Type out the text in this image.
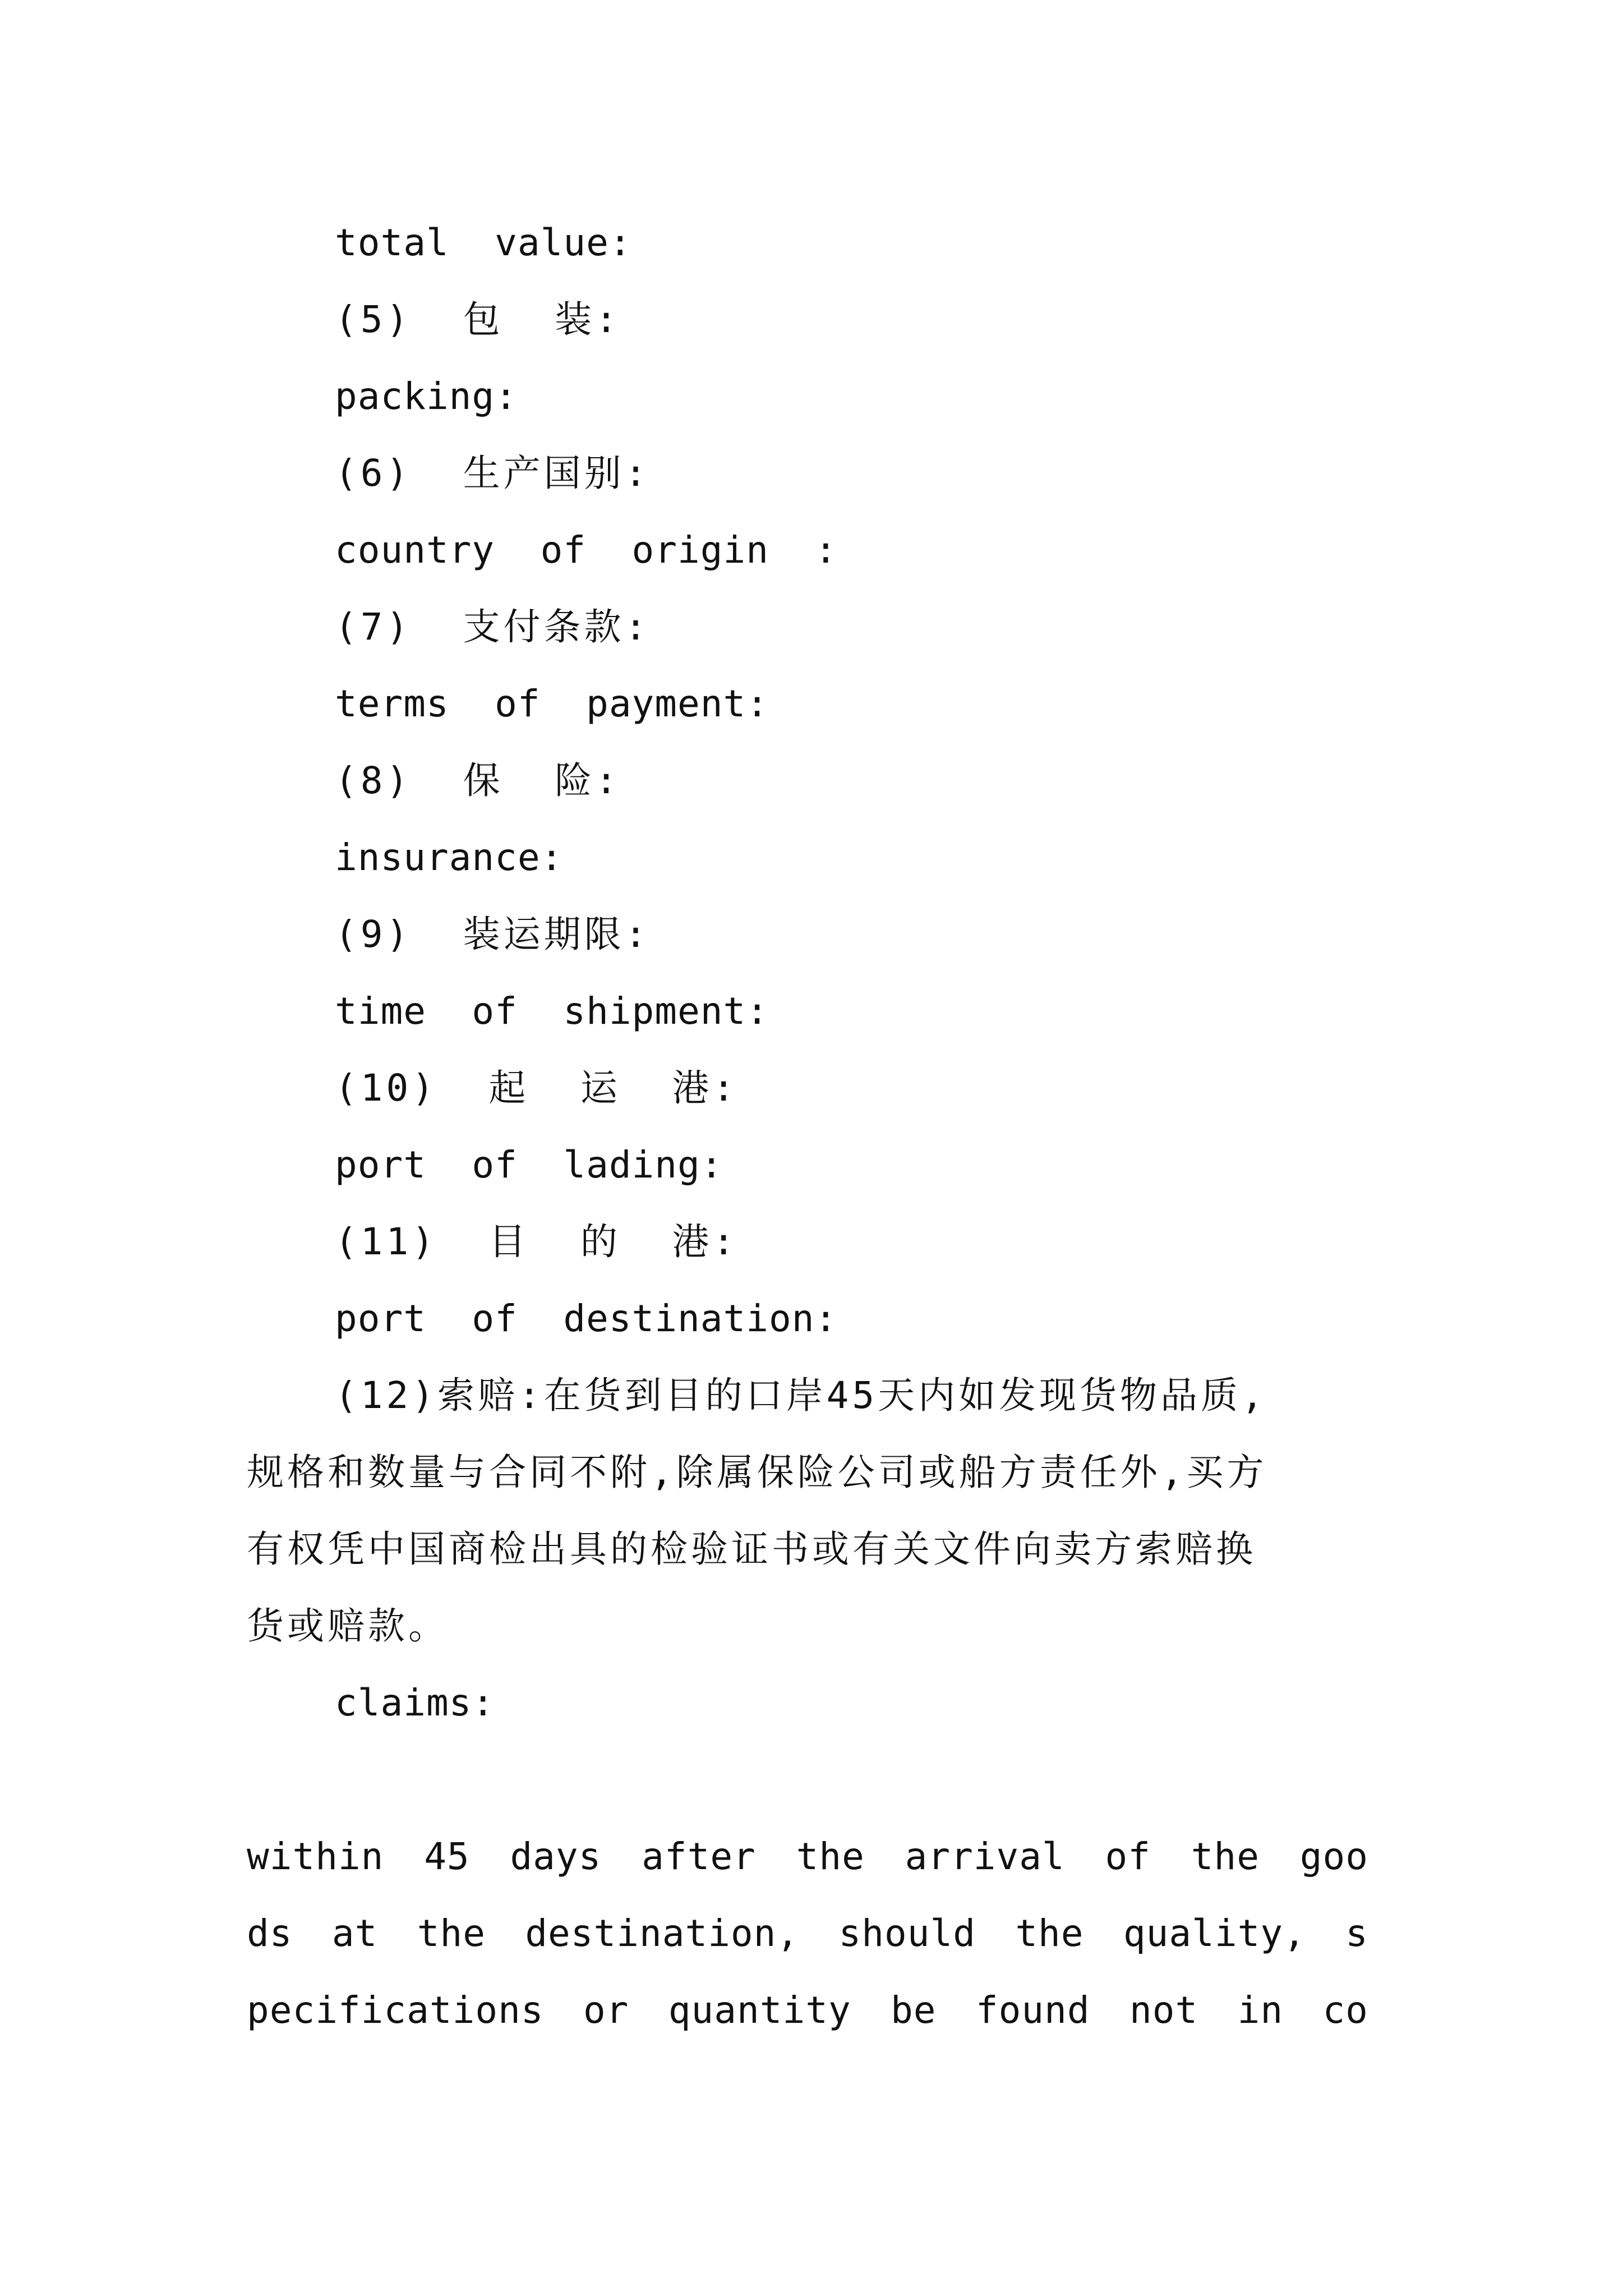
total  value:

(5)  包  装:

packing:

(6)  生产国别:

country  of  origin  :

(7)  支付条款:

terms  of  payment:

(8)  保  险:

insurance:

(9)  装运期限:

time  of  shipment:

(10)  起  运  港:

port  of  lading:

(11)  目  的  港:

port  of  destination:

(12)索赔:在货到目的口岸45天内如发现货物品质,

规格和数量与合同不附,除属保险公司或船方责任外,买方

有权凭中国商检出具的检验证书或有关文件向卖方索赔换

货或赔款。

claims:

within 45 days after the arrival of the goo
ds at the destination, should the quality, s
pecifications or quantity be found not in co
